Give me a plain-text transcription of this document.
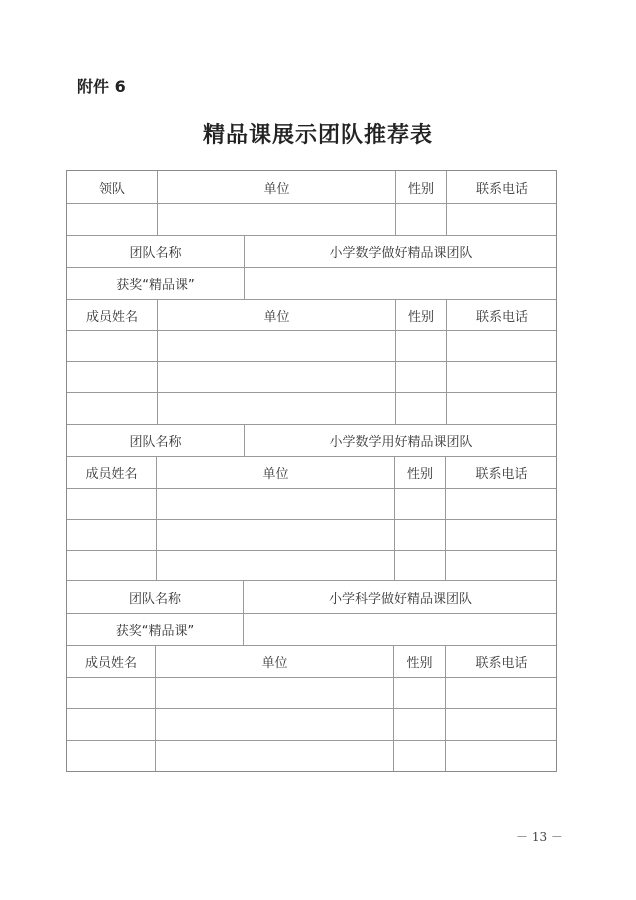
附件 6
精品课展示团队推荐表
领队	单位	性别	联系电话
团队名称	小学数学做好精品课团队
获奖“精品课”
成员姓名	单位	性别	联系电话
团队名称	小学数学用好精品课团队
成员姓名	单位	性别	联系电话
团队名称	小学科学做好精品课团队
获奖“精品课”
成员姓名	单位	性别	联系电话
－ 13 －
